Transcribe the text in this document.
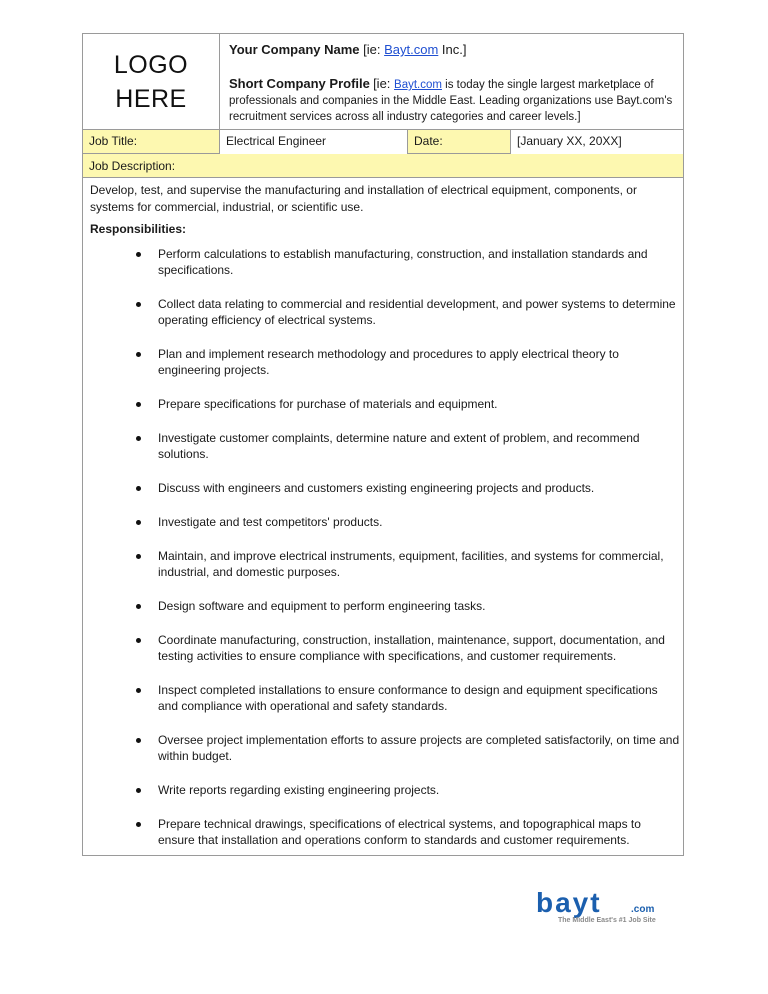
LOGO
HERE
Your Company Name [ie: Bayt.com Inc.]
Short Company Profile [ie: Bayt.com is today the single largest marketplace of professionals and companies in the Middle East. Leading organizations use Bayt.com's recruitment services across all industry categories and career levels.]
Job Title:	Electrical Engineer	Date:	[January XX, 20XX]
Job Description:
Develop, test, and supervise the manufacturing and installation of electrical equipment, components, or systems for commercial, industrial, or scientific use.
Responsibilities:
Perform calculations to establish manufacturing, construction, and installation standards and specifications.
Collect data relating to commercial and residential development, and power systems to determine operating efficiency of electrical systems.
Plan and implement research methodology and procedures to apply electrical theory to engineering projects.
Prepare specifications for purchase of materials and equipment.
Investigate customer complaints, determine nature and extent of problem, and recommend solutions.
Discuss with engineers and customers existing engineering projects and products.
Investigate and test competitors' products.
Maintain, and improve electrical instruments, equipment, facilities, and systems for commercial, industrial, and domestic purposes.
Design software and equipment to perform engineering tasks.
Coordinate manufacturing, construction, installation, maintenance, support, documentation, and testing activities to ensure compliance with specifications, and customer requirements.
Inspect completed installations to ensure conformance to design and equipment specifications and compliance with operational and safety standards.
Oversee project implementation efforts to assure projects are completed satisfactorily, on time and within budget.
Write reports regarding existing engineering projects.
Prepare technical drawings, specifications of electrical systems, and topographical maps to ensure that installation and operations conform to standards and customer requirements.
bayt	.com
The Middle East's #1 Job Site
